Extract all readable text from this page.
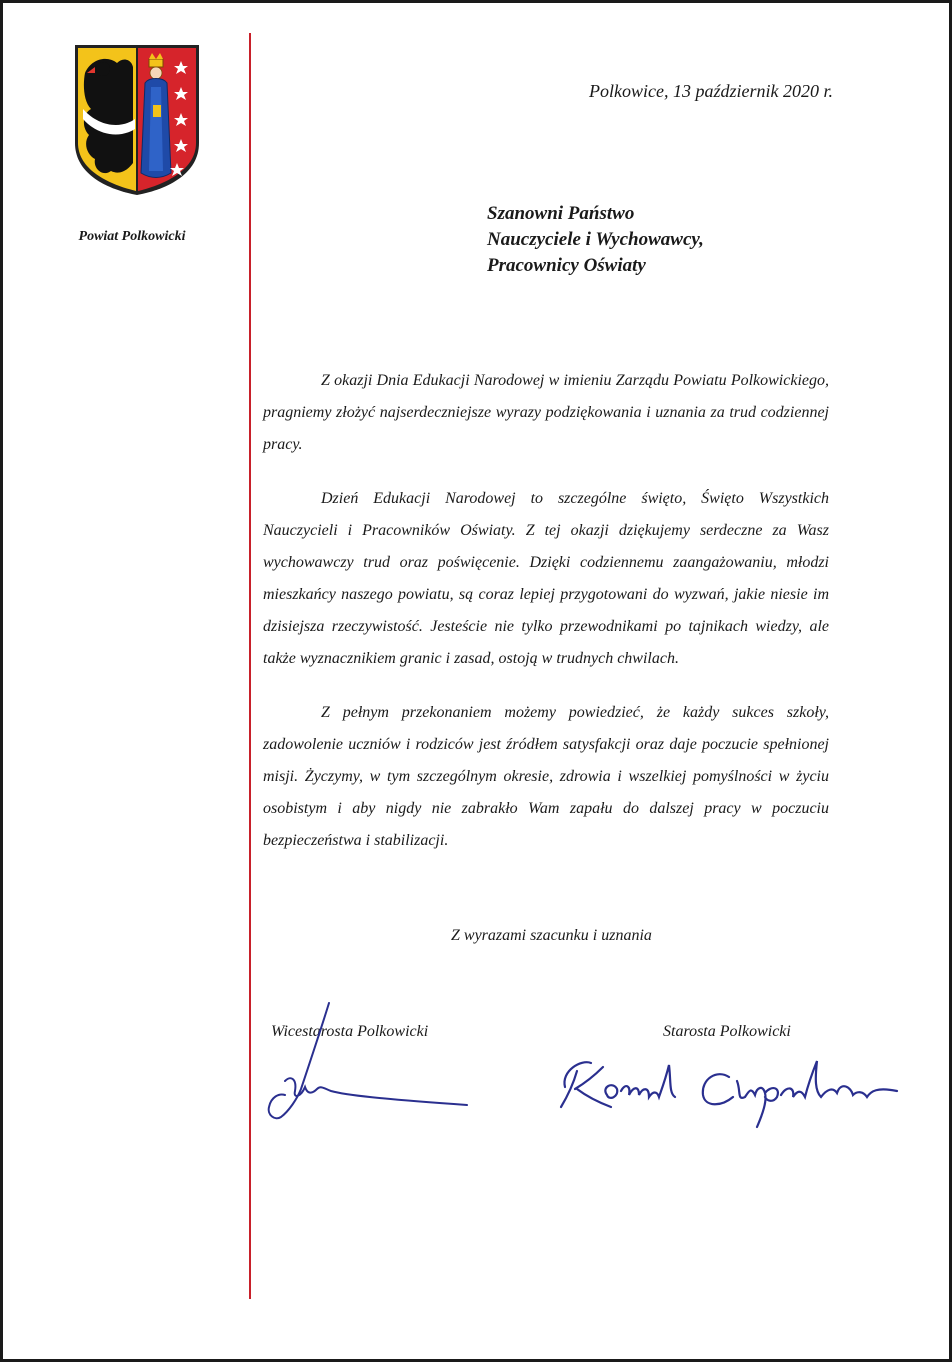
Powiat Polkowicki
Polkowice, 13 październik 2020 r.
Szanowni Państwo
Nauczyciele i Wychowawcy,
Pracownicy Oświaty

Z okazji Dnia Edukacji Narodowej w imieniu Zarządu Powiatu Polkowickiego, pragniemy złożyć najserdeczniejsze wyrazy podziękowania i uznania za trud codziennej pracy.

Dzień Edukacji Narodowej to szczególne święto, Święto Wszystkich Nauczycieli i Pracowników Oświaty. Z tej okazji dziękujemy serdeczne za Wasz wychowawczy trud oraz poświęcenie. Dzięki codziennemu zaangażowaniu, młodzi mieszkańcy naszego powiatu, są coraz lepiej przygotowani do wyzwań, jakie niesie im dzisiejsza rzeczywistość. Jesteście nie tylko przewodnikami po tajnikach wiedzy, ale także wyznacznikiem granic i zasad, ostoją w trudnych chwilach.

Z pełnym przekonaniem możemy powiedzieć, że każdy sukces szkoły, zadowolenie uczniów i rodziców jest źródłem satysfakcji oraz daje poczucie spełnionej misji. Życzymy, w tym szczególnym okresie, zdrowia i wszelkiej pomyślności w życiu osobistym i aby nigdy nie zabrakło Wam zapału do dalszej pracy w poczuciu bezpieczeństwa i stabilizacji.

Z wyrazami szacunku i uznania
Wicestarosta Polkowicki	Starosta Polkowicki
